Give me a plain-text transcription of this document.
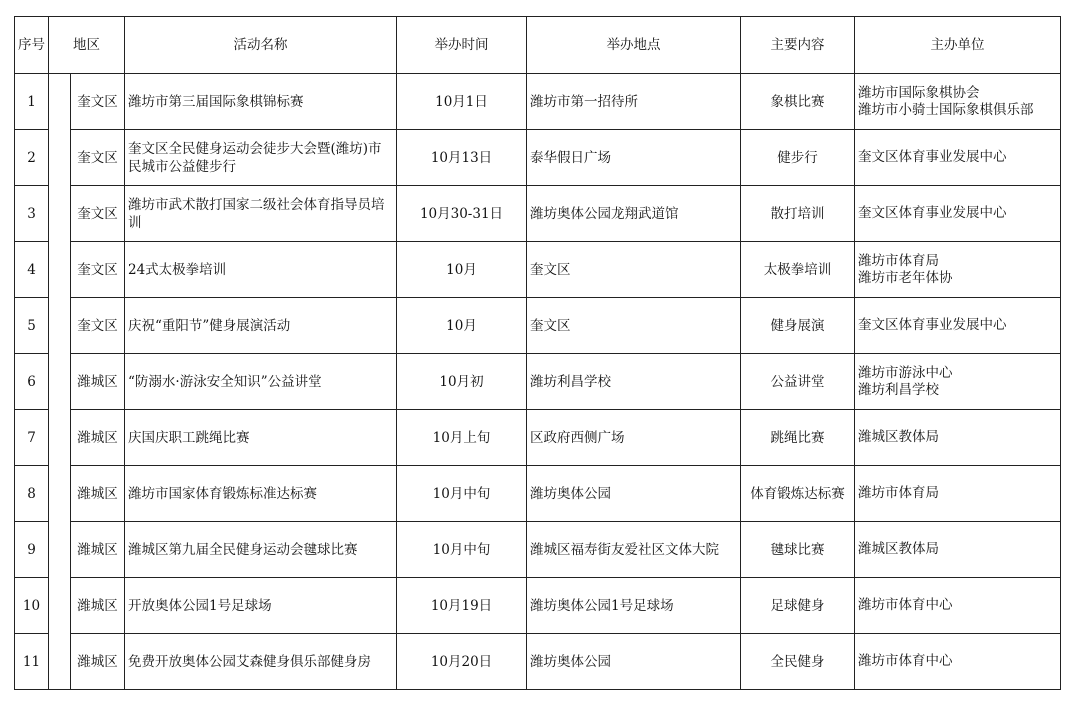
序号	地区		活动名称	举办时间	举办地点	主要内容	主办单位
1		奎文区	潍坊市第三届国际象棋锦标赛	10月1日	潍坊市第一招待所	象棋比赛	潍坊市国际象棋协会
潍坊市小骑士国际象棋俱乐部
2		奎文区	奎文区全民健身运动会徒步大会暨(潍坊)市民城市公益健步行	10月13日	泰华假日广场	健步行	奎文区体育事业发展中心
3		奎文区	潍坊市武术散打国家二级社会体育指导员培训	10月30-31日	潍坊奥体公园龙翔武道馆	散打培训	奎文区体育事业发展中心
4		奎文区	24式太极拳培训	10月	奎文区	太极拳培训	潍坊市体育局
潍坊市老年体协
5		奎文区	庆祝“重阳节”健身展演活动	10月	奎文区	健身展演	奎文区体育事业发展中心
6		潍城区	“防溺水·游泳安全知识”公益讲堂	10月初	潍坊利昌学校	公益讲堂	潍坊市游泳中心
潍坊利昌学校
7		潍城区	庆国庆职工跳绳比赛	10月上旬	区政府西侧广场	跳绳比赛	潍城区教体局
8		潍城区	潍坊市国家体育锻炼标准达标赛	10月中旬	潍坊奥体公园	体育锻炼达标赛	潍坊市体育局
9		潍城区	潍城区第九届全民健身运动会毽球比赛	10月中旬	潍城区福寿街友爱社区文体大院	毽球比赛	潍城区教体局
10		潍城区	开放奥体公园1号足球场	10月19日	潍坊奥体公园1号足球场	足球健身	潍坊市体育中心
11		潍城区	免费开放奥体公园艾森健身俱乐部健身房	10月20日	潍坊奥体公园	全民健身	潍坊市体育中心
